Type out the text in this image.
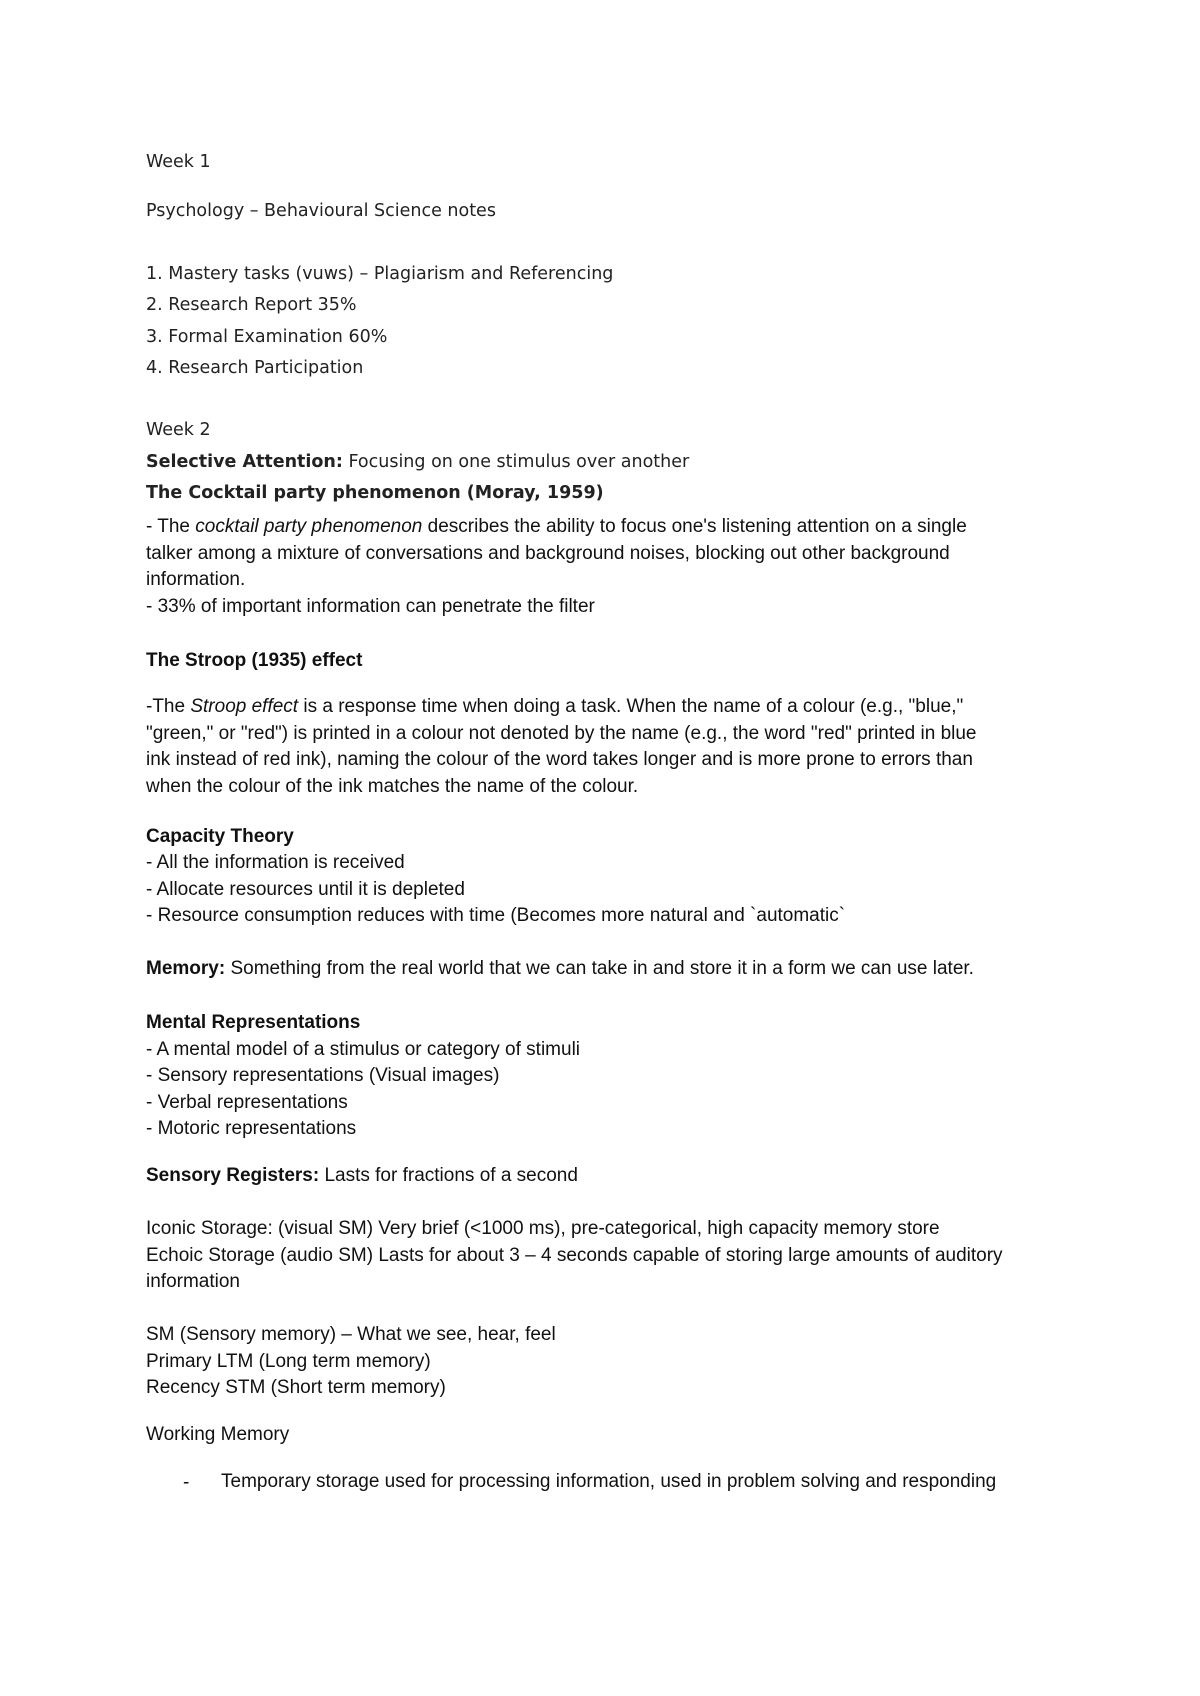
Week 1
Psychology – Behavioural Science notes
1. Mastery tasks (vuws) – Plagiarism and Referencing
2. Research Report 35%
3. Formal Examination 60%
4. Research Participation
Week 2
Selective Attention: Focusing on one stimulus over another
The Cocktail party phenomenon (Moray, 1959)
- The cocktail party phenomenon describes the ability to focus one's listening attention on a single
talker among a mixture of conversations and background noises, blocking out other background
information.
- 33% of important information can penetrate the filter
The Stroop (1935) effect
-The Stroop effect is a response time when doing a task. When the name of a colour (e.g., "blue,"
"green," or "red") is printed in a colour not denoted by the name (e.g., the word "red" printed in blue
ink instead of red ink), naming the colour of the word takes longer and is more prone to errors than
when the colour of the ink matches the name of the colour.
Capacity Theory
- All the information is received
- Allocate resources until it is depleted
- Resource consumption reduces with time (Becomes more natural and `automatic`
Memory: Something from the real world that we can take in and store it in a form we can use later.
Mental Representations
- A mental model of a stimulus or category of stimuli
- Sensory representations (Visual images)
- Verbal representations
- Motoric representations
Sensory Registers: Lasts for fractions of a second
Iconic Storage: (visual SM) Very brief (<1000 ms), pre-categorical, high capacity memory store
Echoic Storage (audio SM) Lasts for about 3 – 4 seconds capable of storing large amounts of auditory
information
SM (Sensory memory) – What we see, hear, feel
Primary LTM (Long term memory)
Recency STM (Short term memory)
Working Memory
- Temporary storage used for processing information, used in problem solving and responding
